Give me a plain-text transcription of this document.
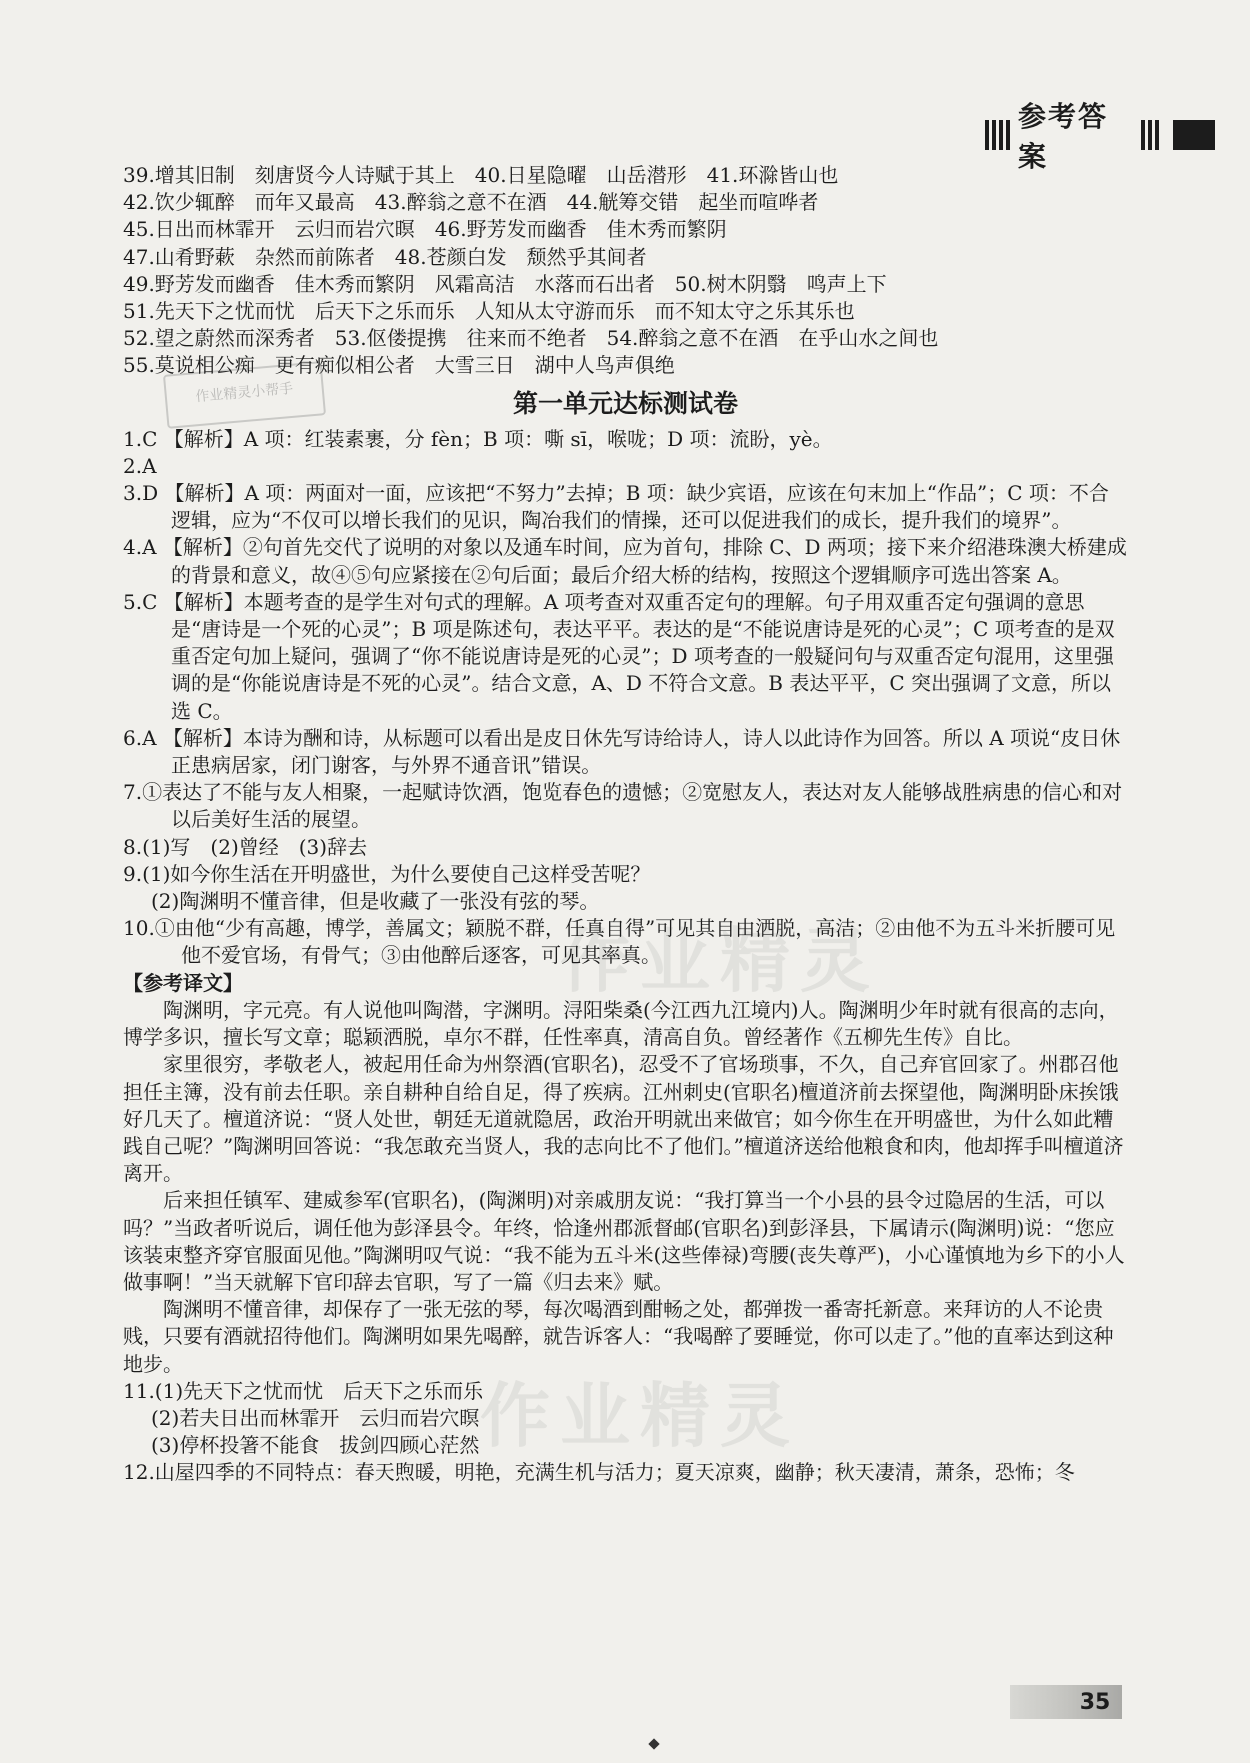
参考答案
作业精灵
作业精灵
作业精灵小帮手

39.增其旧制　刻唐贤今人诗赋于其上　40.日星隐曜　山岳潜形　41.环滁皆山也

42.饮少辄醉　而年又最高　43.醉翁之意不在酒　44.觥筹交错　起坐而喧哗者

45.日出而林霏开　云归而岩穴暝　46.野芳发而幽香　佳木秀而繁阴

47.山肴野蔌　杂然而前陈者　48.苍颜白发　颓然乎其间者

49.野芳发而幽香　佳木秀而繁阴　风霜高洁　水落而石出者　50.树木阴翳　鸣声上下

51.先天下之忧而忧　后天下之乐而乐　人知从太守游而乐　而不知太守之乐其乐也

52.望之蔚然而深秀者　53.伛偻提携　往来而不绝者　54.醉翁之意不在酒　在乎山水之间也

55.莫说相公痴　更有痴似相公者　大雪三日　湖中人鸟声俱绝

第一单元达标测试卷

1.C 【解析】A 项：红装素裹，分 fèn；B 项：嘶 sī，喉咙；D 项：流盼，yè。

2.A

3.D 【解析】A 项：两面对一面，应该把“不努力”去掉；B 项：缺少宾语，应该在句末加上“作品”；C 项：不合逻辑，应为“不仅可以增长我们的见识，陶冶我们的情操，还可以促进我们的成长，提升我们的境界”。

4.A 【解析】②句首先交代了说明的对象以及通车时间，应为首句，排除 C、D 两项；接下来介绍港珠澳大桥建成的背景和意义，故④⑤句应紧接在②句后面；最后介绍大桥的结构，按照这个逻辑顺序可选出答案 A。

5.C 【解析】本题考查的是学生对句式的理解。A 项考查对双重否定句的理解。句子用双重否定句强调的意思是“唐诗是一个死的心灵”；B 项是陈述句，表达平平。表达的是“不能说唐诗是死的心灵”；C 项考查的是双重否定句加上疑问，强调了“你不能说唐诗是死的心灵”；D 项考查的一般疑问句与双重否定句混用，这里强调的是“你能说唐诗是不死的心灵”。结合文意，A、D 不符合文意。B 表达平平，C 突出强调了文意，所以选 C。

6.A 【解析】本诗为酬和诗，从标题可以看出是皮日休先写诗给诗人，诗人以此诗作为回答。所以 A 项说“皮日休正患病居家，闭门谢客，与外界不通音讯”错误。

7.①表达了不能与友人相聚，一起赋诗饮酒，饱览春色的遗憾；②宽慰友人，表达对友人能够战胜病患的信心和对以后美好生活的展望。

8.(1)写　(2)曾经　(3)辞去

9.(1)如今你生活在开明盛世，为什么要使自己这样受苦呢？

(2)陶渊明不懂音律，但是收藏了一张没有弦的琴。

10.①由他“少有高趣，博学，善属文；颖脱不群，任真自得”可见其自由洒脱，高洁；②由他不为五斗米折腰可见他不爱官场，有骨气；③由他醉后逐客，可见其率真。

【参考译文】

陶渊明，字元亮。有人说他叫陶潜，字渊明。浔阳柴桑(今江西九江境内)人。陶渊明少年时就有很高的志向，博学多识，擅长写文章；聪颖洒脱，卓尔不群，任性率真，清高自负。曾经著作《五柳先生传》自比。

家里很穷，孝敬老人，被起用任命为州祭酒(官职名)，忍受不了官场琐事，不久，自己弃官回家了。州郡召他担任主簿，没有前去任职。亲自耕种自给自足，得了疾病。江州刺史(官职名)檀道济前去探望他，陶渊明卧床挨饿好几天了。檀道济说：“贤人处世，朝廷无道就隐居，政治开明就出来做官；如今你生在开明盛世，为什么如此糟践自己呢？”陶渊明回答说：“我怎敢充当贤人，我的志向比不了他们。”檀道济送给他粮食和肉，他却挥手叫檀道济离开。

后来担任镇军、建威参军(官职名)，(陶渊明)对亲戚朋友说：“我打算当一个小县的县令过隐居的生活，可以吗？”当政者听说后，调任他为彭泽县令。年终，恰逢州郡派督邮(官职名)到彭泽县，下属请示(陶渊明)说：“您应该装束整齐穿官服面见他。”陶渊明叹气说：“我不能为五斗米(这些俸禄)弯腰(丧失尊严)，小心谨慎地为乡下的小人做事啊！”当天就解下官印辞去官职，写了一篇《归去来》赋。

陶渊明不懂音律，却保存了一张无弦的琴，每次喝酒到酣畅之处，都弹拨一番寄托新意。来拜访的人不论贵贱，只要有酒就招待他们。陶渊明如果先喝醉，就告诉客人：“我喝醉了要睡觉，你可以走了。”他的直率达到这种地步。

11.(1)先天下之忧而忧　后天下之乐而乐

(2)若夫日出而林霏开　云归而岩穴暝

(3)停杯投箸不能食　拔剑四顾心茫然

12.山屋四季的不同特点：春天煦暖，明艳，充满生机与活力；夏天凉爽，幽静；秋天凄清，萧条，恐怖；冬

35
